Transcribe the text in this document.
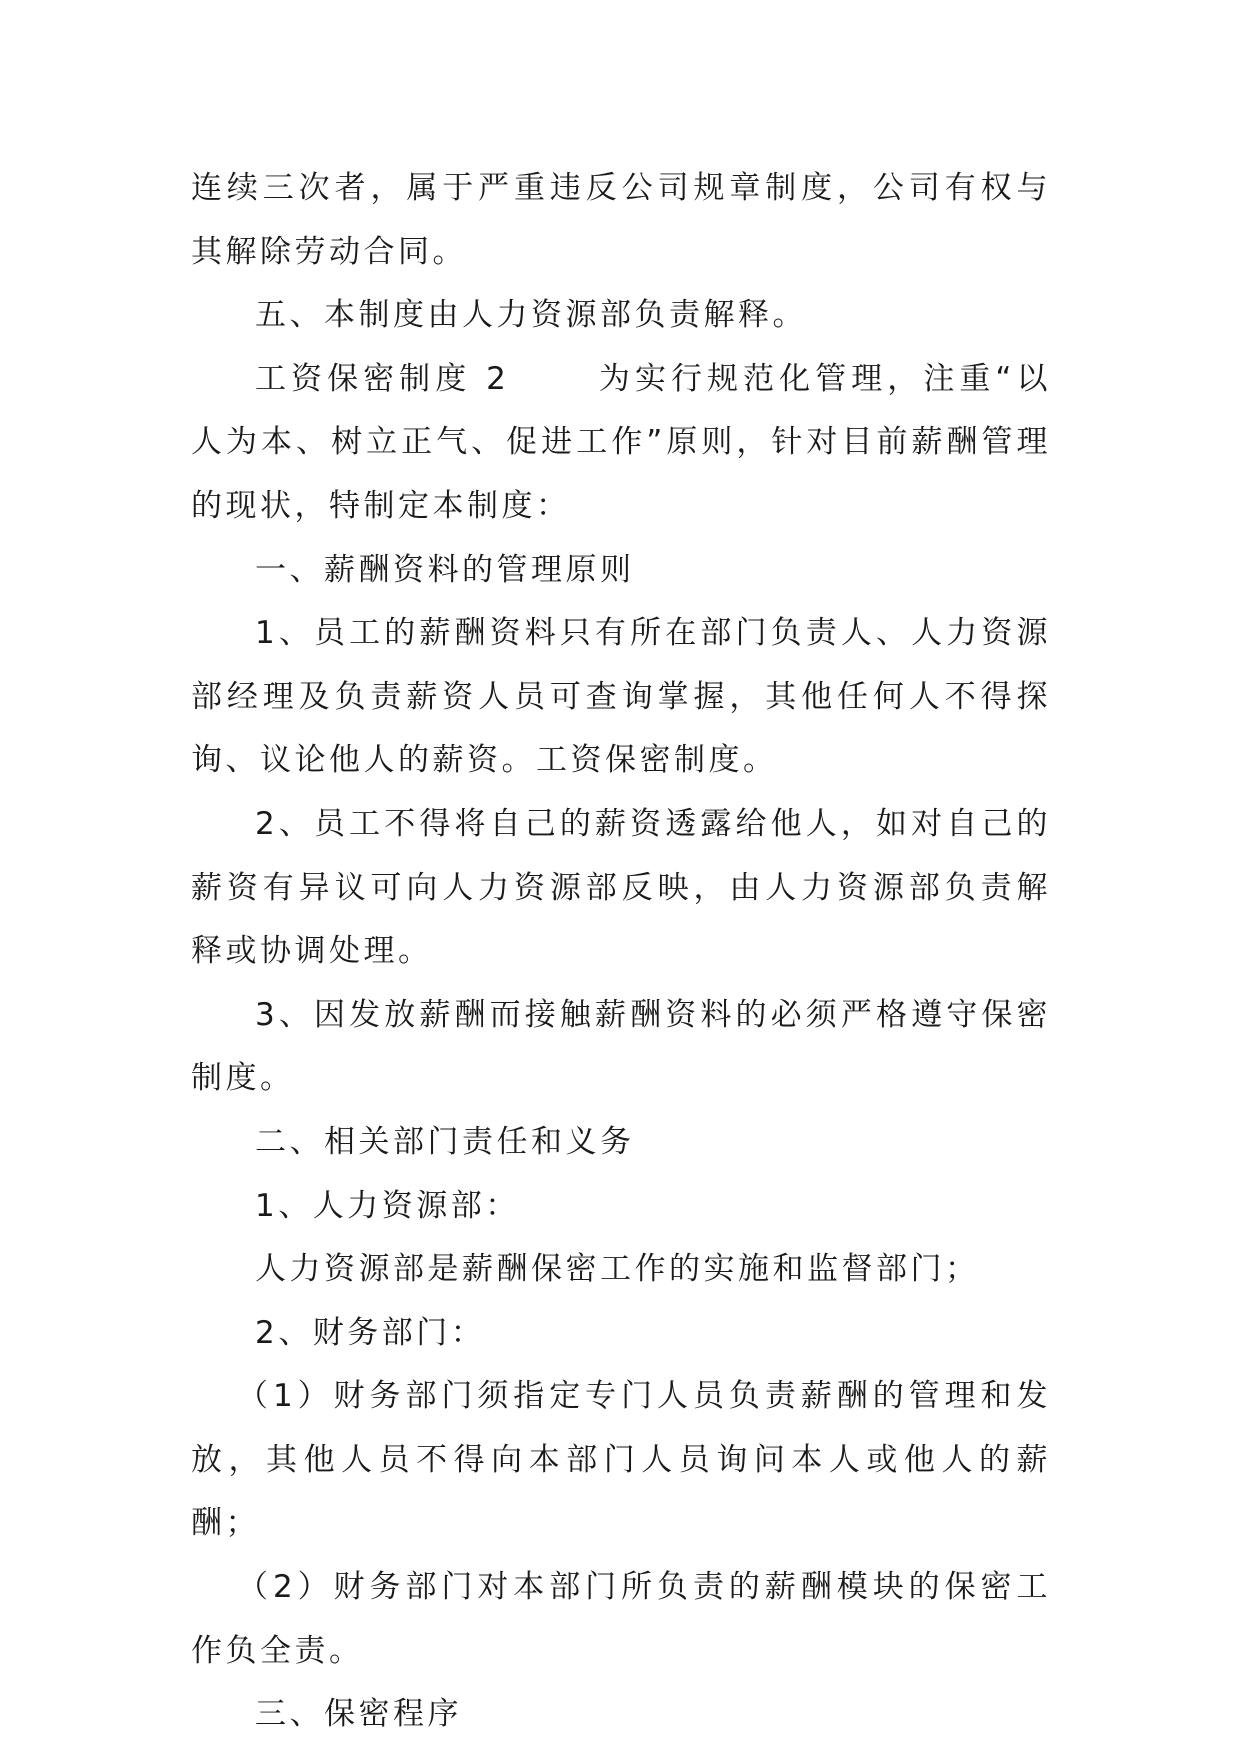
连续三次者，属于严重违反公司规章制度，公司有权与其解除劳动合同。

五、本制度由人力资源部负责解释。

工资保密制度 2	为实行规范化管理，注重“以人为本、树立正气、促进工作”原则，针对目前薪酬管理的现状，特制定本制度：

一、薪酬资料的管理原则

1、员工的薪酬资料只有所在部门负责人、人力资源部经理及负责薪资人员可查询掌握，其他任何人不得探询、议论他人的薪资。工资保密制度。

2、员工不得将自己的薪资透露给他人，如对自己的薪资有异议可向人力资源部反映，由人力资源部负责解释或协调处理。

3、因发放薪酬而接触薪酬资料的必须严格遵守保密制度。

二、相关部门责任和义务

1、人力资源部：

人力资源部是薪酬保密工作的实施和监督部门；

2、财务部门：

（1）财务部门须指定专门人员负责薪酬的管理和发放，其他人员不得向本部门人员询问本人或他人的薪酬；

（2）财务部门对本部门所负责的薪酬模块的保密工作负全责。

三、保密程序
